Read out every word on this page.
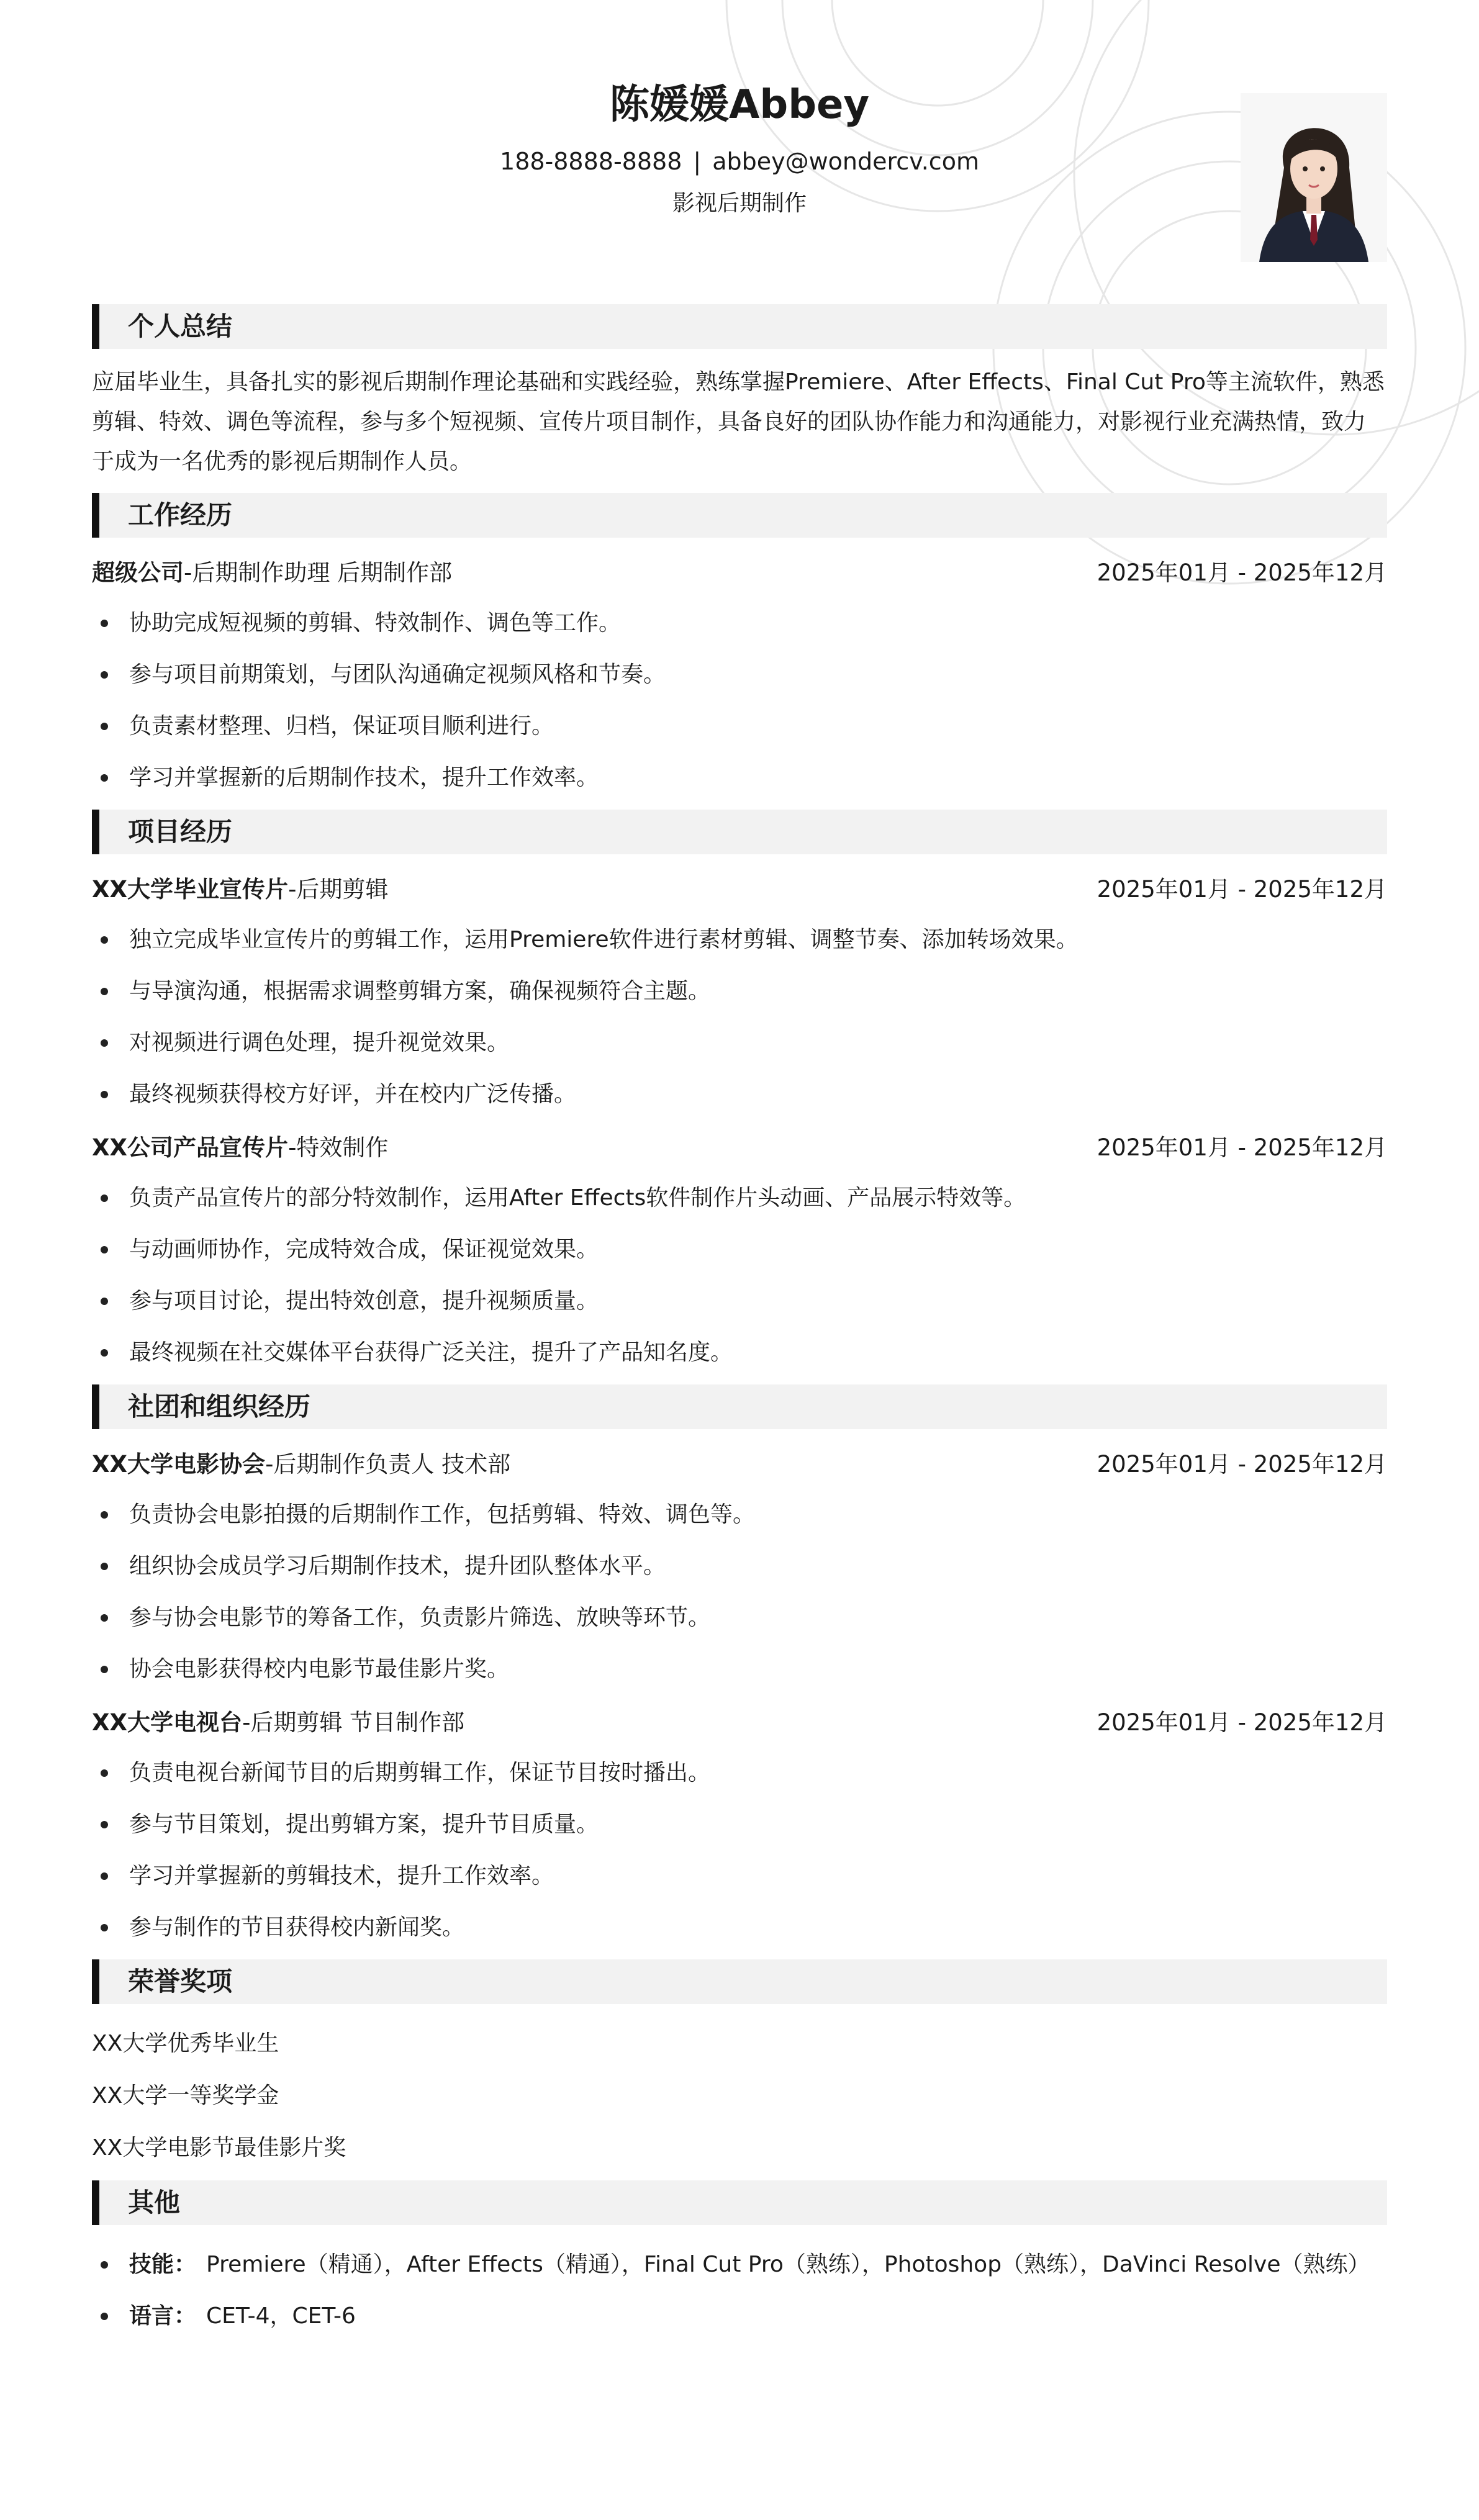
陈媛媛Abbey
188-8888-8888 | abbey@wondercv.com
影视后期制作
个人总结

应届毕业生，具备扎实的影视后期制作理论基础和实践经验，熟练掌握Premiere、After Effects、Final Cut Pro等主流软件，熟悉剪辑、特效、调色等流程，参与多个短视频、宣传片项目制作，具备良好的团队协作能力和沟通能力，对影视行业充满热情，致力于成为一名优秀的影视后期制作人员。

工作经历
超级公司-后期制作助理 后期制作部	2025年01月 - 2025年12月
协助完成短视频的剪辑、特效制作、调色等工作。
参与项目前期策划，与团队沟通确定视频风格和节奏。
负责素材整理、归档，保证项目顺利进行。
学习并掌握新的后期制作技术，提升工作效率。
项目经历
XX大学毕业宣传片-后期剪辑	2025年01月 - 2025年12月
独立完成毕业宣传片的剪辑工作，运用Premiere软件进行素材剪辑、调整节奏、添加转场效果。
与导演沟通，根据需求调整剪辑方案，确保视频符合主题。
对视频进行调色处理，提升视觉效果。
最终视频获得校方好评，并在校内广泛传播。
XX公司产品宣传片-特效制作	2025年01月 - 2025年12月
负责产品宣传片的部分特效制作，运用After Effects软件制作片头动画、产品展示特效等。
与动画师协作，完成特效合成，保证视觉效果。
参与项目讨论，提出特效创意，提升视频质量。
最终视频在社交媒体平台获得广泛关注，提升了产品知名度。
社团和组织经历
XX大学电影协会-后期制作负责人 技术部	2025年01月 - 2025年12月
负责协会电影拍摄的后期制作工作，包括剪辑、特效、调色等。
组织协会成员学习后期制作技术，提升团队整体水平。
参与协会电影节的筹备工作，负责影片筛选、放映等环节。
协会电影获得校内电影节最佳影片奖。
XX大学电视台-后期剪辑 节目制作部	2025年01月 - 2025年12月
负责电视台新闻节目的后期剪辑工作，保证节目按时播出。
参与节目策划，提出剪辑方案，提升节目质量。
学习并掌握新的剪辑技术，提升工作效率。
参与制作的节目获得校内新闻奖。
荣誉奖项
XX大学优秀毕业生
XX大学一等奖学金
XX大学电影节最佳影片奖
其他
技能： Premiere（精通），After Effects（精通），Final Cut Pro（熟练），Photoshop（熟练），DaVinci Resolve（熟练）
语言： CET-4，CET-6
